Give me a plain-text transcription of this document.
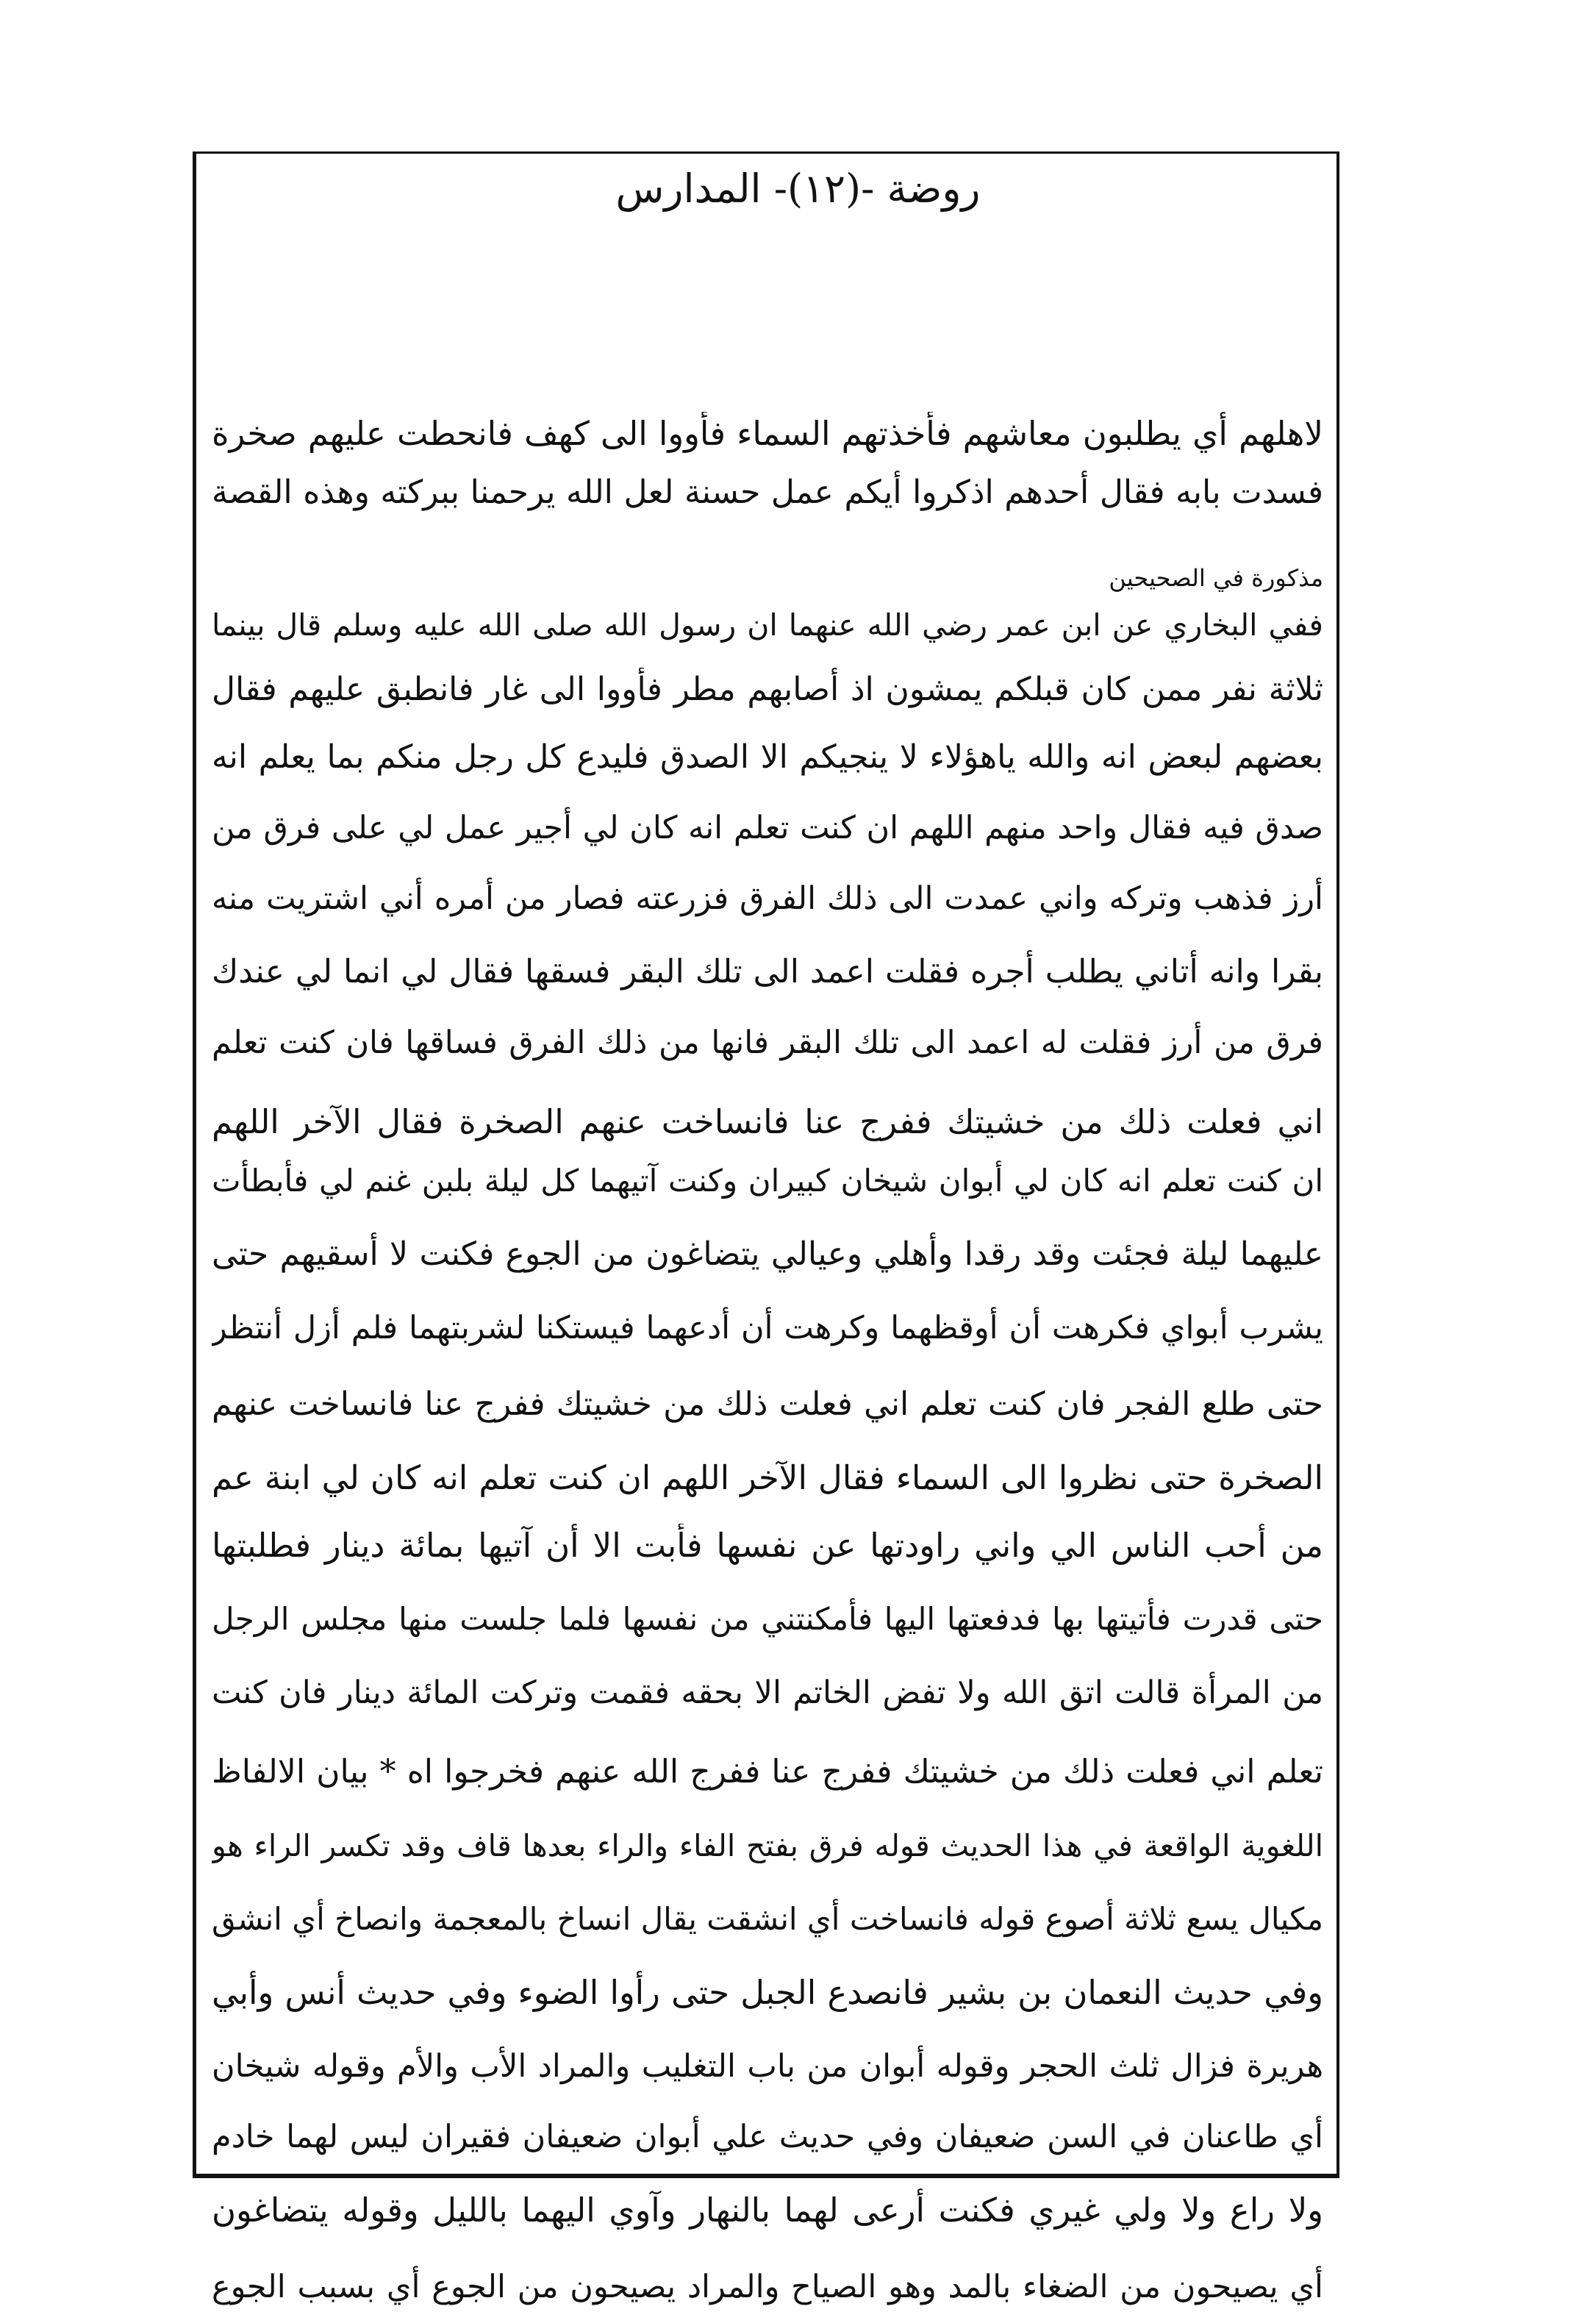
روضة -(١٢)- المدارس
لاهلهم أي يطلبون معاشهم فأخذتهم السماء فأووا الى كهف فانحطت عليهم صخرة
فسدت بابه فقال أحدهم اذكروا أيكم عمل حسنة لعل الله يرحمنا ببركته وهذه القصة
مذكورة في الصحيحين
ففي البخاري عن ابن عمر رضي الله عنهما ان رسول الله صلى الله عليه وسلم قال بينما
ثلاثة نفر ممن كان قبلكم يمشون اذ أصابهم مطر فأووا الى غار فانطبق عليهم فقال
بعضهم لبعض انه والله ياهؤلاء لا ينجيكم الا الصدق فليدع كل رجل منكم بما يعلم انه
صدق فيه فقال واحد منهم اللهم ان كنت تعلم انه كان لي أجير عمل لي على فرق من
أرز فذهب وتركه واني عمدت الى ذلك الفرق فزرعته فصار من أمره أني اشتريت منه
بقرا وانه أتاني يطلب أجره فقلت اعمد الى تلك البقر فسقها فقال لي انما لي عندك
فرق من أرز فقلت له اعمد الى تلك البقر فانها من ذلك الفرق فساقها فان كنت تعلم
اني فعلت ذلك من خشيتك ففرج عنا فانساخت عنهم الصخرة فقال الآخر اللهم
ان كنت تعلم انه كان لي أبوان شيخان كبيران وكنت آتيهما كل ليلة بلبن غنم لي فأبطأت
عليهما ليلة فجئت وقد رقدا وأهلي وعيالي يتضاغون من الجوع فكنت لا أسقيهم حتى
يشرب أبواي فكرهت أن أوقظهما وكرهت أن أدعهما فيستكنا لشربتهما فلم أزل أنتظر
حتى طلع الفجر فان كنت تعلم اني فعلت ذلك من خشيتك ففرج عنا فانساخت عنهم
الصخرة حتى نظروا الى السماء فقال الآخر اللهم ان كنت تعلم انه كان لي ابنة عم
من أحب الناس الي واني راودتها عن نفسها فأبت الا أن آتيها بمائة دينار فطلبتها
حتى قدرت فأتيتها بها فدفعتها اليها فأمكنتني من نفسها فلما جلست منها مجلس الرجل
من المرأة قالت اتق الله ولا تفض الخاتم الا بحقه فقمت وتركت المائة دينار فان كنت
تعلم اني فعلت ذلك من خشيتك ففرج عنا ففرج الله عنهم فخرجوا اه * بيان الالفاظ
اللغوية الواقعة في هذا الحديث قوله فرق بفتح الفاء والراء بعدها قاف وقد تكسر الراء هو
مكيال يسع ثلاثة أصوع قوله فانساخت أي انشقت يقال انساخ بالمعجمة وانصاخ أي انشق
وفي حديث النعمان بن بشير فانصدع الجبل حتى رأوا الضوء وفي حديث أنس وأبي
هريرة فزال ثلث الحجر وقوله أبوان من باب التغليب والمراد الأب والأم وقوله شيخان
أي طاعنان في السن ضعيفان وفي حديث علي أبوان ضعيفان فقيران ليس لهما خادم
ولا راع ولا ولي غيري فكنت أرعى لهما بالنهار وآوي اليهما بالليل وقوله يتضاغون
أي يصيحون من الضغاء بالمد وهو الصياح والمراد يصيحون من الجوع أي بسبب الجوع
